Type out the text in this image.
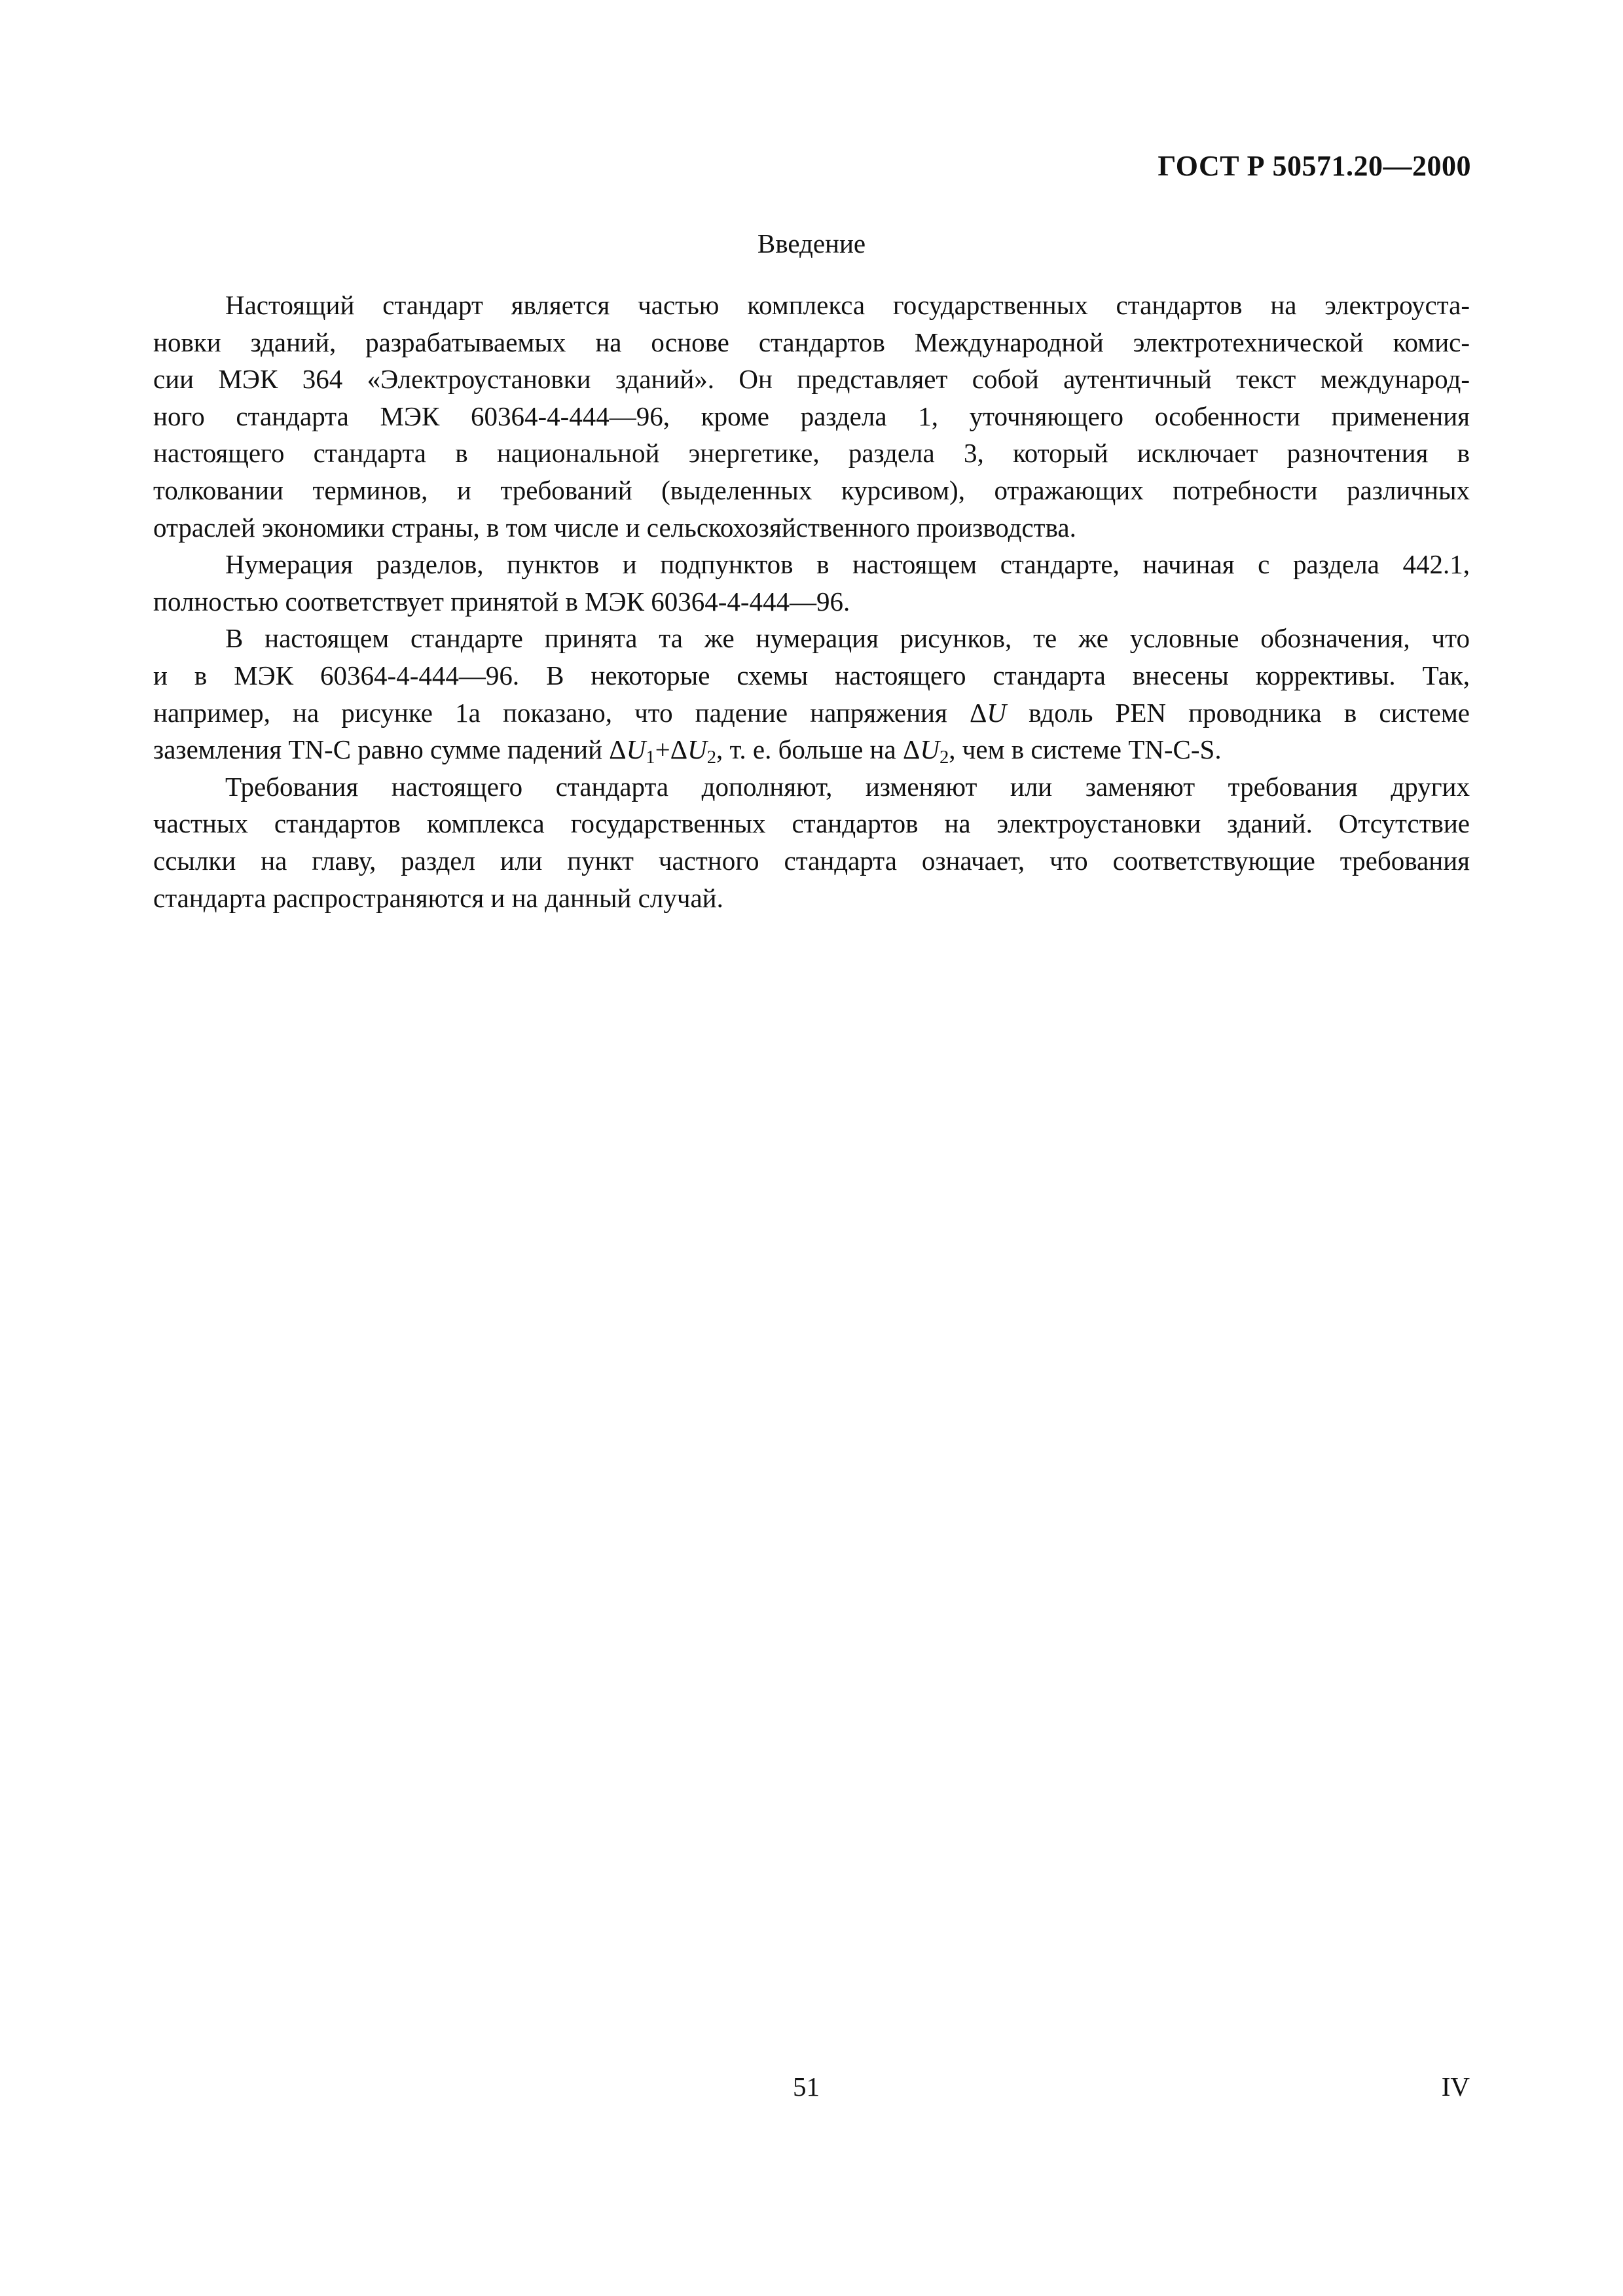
ГОСТ Р 50571.20—2000
Введение
Настоящий стандарт является частью комплекса государственных стандартов на электроуста-
новки зданий, разрабатываемых на основе стандартов Международной электротехнической комис-
сии МЭК 364 «Электроустановки зданий». Он представляет собой аутентичный текст международ-
ного стандарта МЭК 60364-4-444—96, кроме раздела 1, уточняющего особенности применения
настоящего стандарта в национальной энергетике, раздела 3, который исключает разночтения в
толковании терминов, и требований (выделенных курсивом), отражающих потребности различных
отраслей экономики страны, в том числе и сельскохозяйственного производства.
Нумерация разделов, пунктов и подпунктов в настоящем стандарте, начиная с раздела 442.1,
полностью соответствует принятой в МЭК 60364-4-444—96.
В настоящем стандарте принята та же нумерация рисунков, те же условные обозначения, что
и в МЭК 60364-4-444—96. В некоторые схемы настоящего стандарта внесены коррективы. Так,
например, на рисунке 1а показано, что падение напряжения ΔU вдоль PEN проводника в системе
заземления TN-C равно сумме падений $\Delta U_1+\Delta U_2$, т. е. больше на $\Delta U_2$, чем в системе TN-C-S.
Требования настоящего стандарта дополняют, изменяют или заменяют требования других
частных стандартов комплекса государственных стандартов на электроустановки зданий. Отсутствие
ссылки на главу, раздел или пункт частного стандарта означает, что соответствующие требования
стандарта распространяются и на данный случай.
51	IV
